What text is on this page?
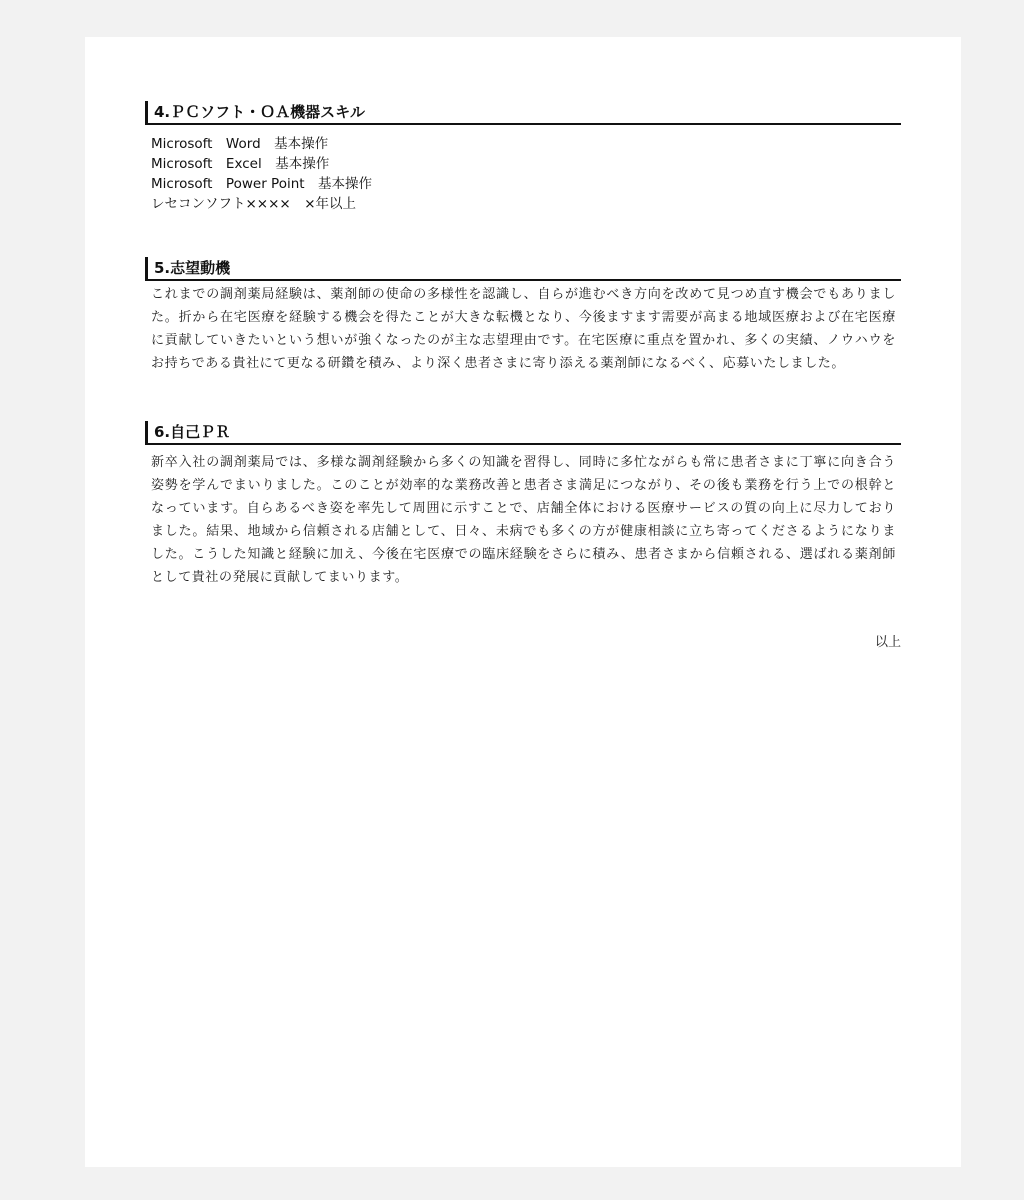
4.ＰＣソフト・ＯＡ機器スキル
Microsoft　Word　基本操作
Microsoft　Excel　基本操作
Microsoft　Power Point　基本操作
レセコンソフト××××　×年以上
5.志望動機
これまでの調剤薬局経験は、薬剤師の使命の多様性を認識し、自らが進むべき方向を改めて見つめ直す機会でもありました。折から在宅医療を経験する機会を得たことが大きな転機となり、今後ますます需要が高まる地域医療および在宅医療に貢献していきたいという想いが強くなったのが主な志望理由です。在宅医療に重点を置かれ、多くの実績、ノウハウをお持ちである貴社にて更なる研鑽を積み、より深く患者さまに寄り添える薬剤師になるべく、応募いたしました。
6.自己ＰＲ
新卒入社の調剤薬局では、多様な調剤経験から多くの知識を習得し、同時に多忙ながらも常に患者さまに丁寧に向き合う姿勢を学んでまいりました。このことが効率的な業務改善と患者さま満足につながり、その後も業務を行う上での根幹となっています。自らあるべき姿を率先して周囲に示すことで、店舗全体における医療サービスの質の向上に尽力しておりました。結果、地域から信頼される店舗として、日々、未病でも多くの方が健康相談に立ち寄ってくださるようになりました。こうした知識と経験に加え、今後在宅医療での臨床経験をさらに積み、患者さまから信頼される、選ばれる薬剤師として貴社の発展に貢献してまいります。
以上
